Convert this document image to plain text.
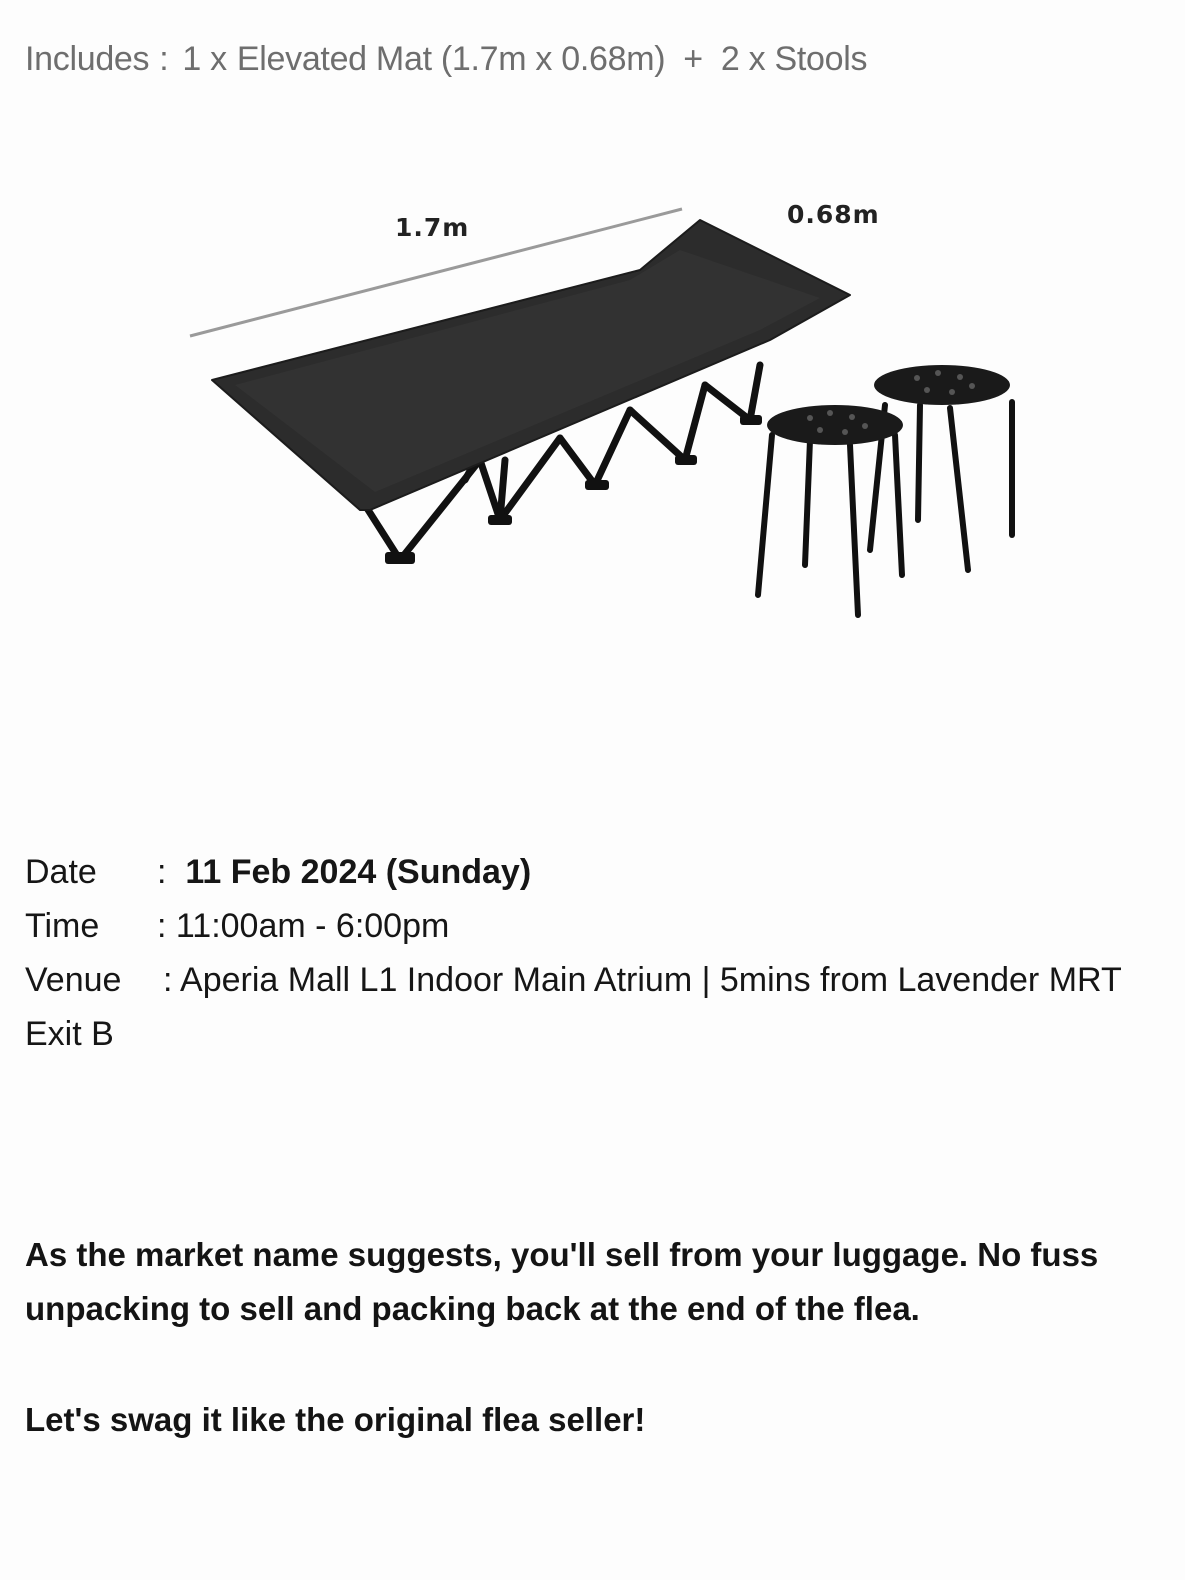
Includes : 1 x Elevated Mat (1.7m x 0.68m) + 2 x Stools
1.7m	0.68m
Date :  11 Feb 2024 (Sunday)
Time : 11:00am - 6:00pm
Venue : Aperia Mall L1 Indoor Main Atrium | 5mins from Lavender MRT
Exit B
As the market name suggests, you'll sell from your luggage. No fuss unpacking to sell and packing back at the end of the flea.
Let's swag it like the original flea seller!
